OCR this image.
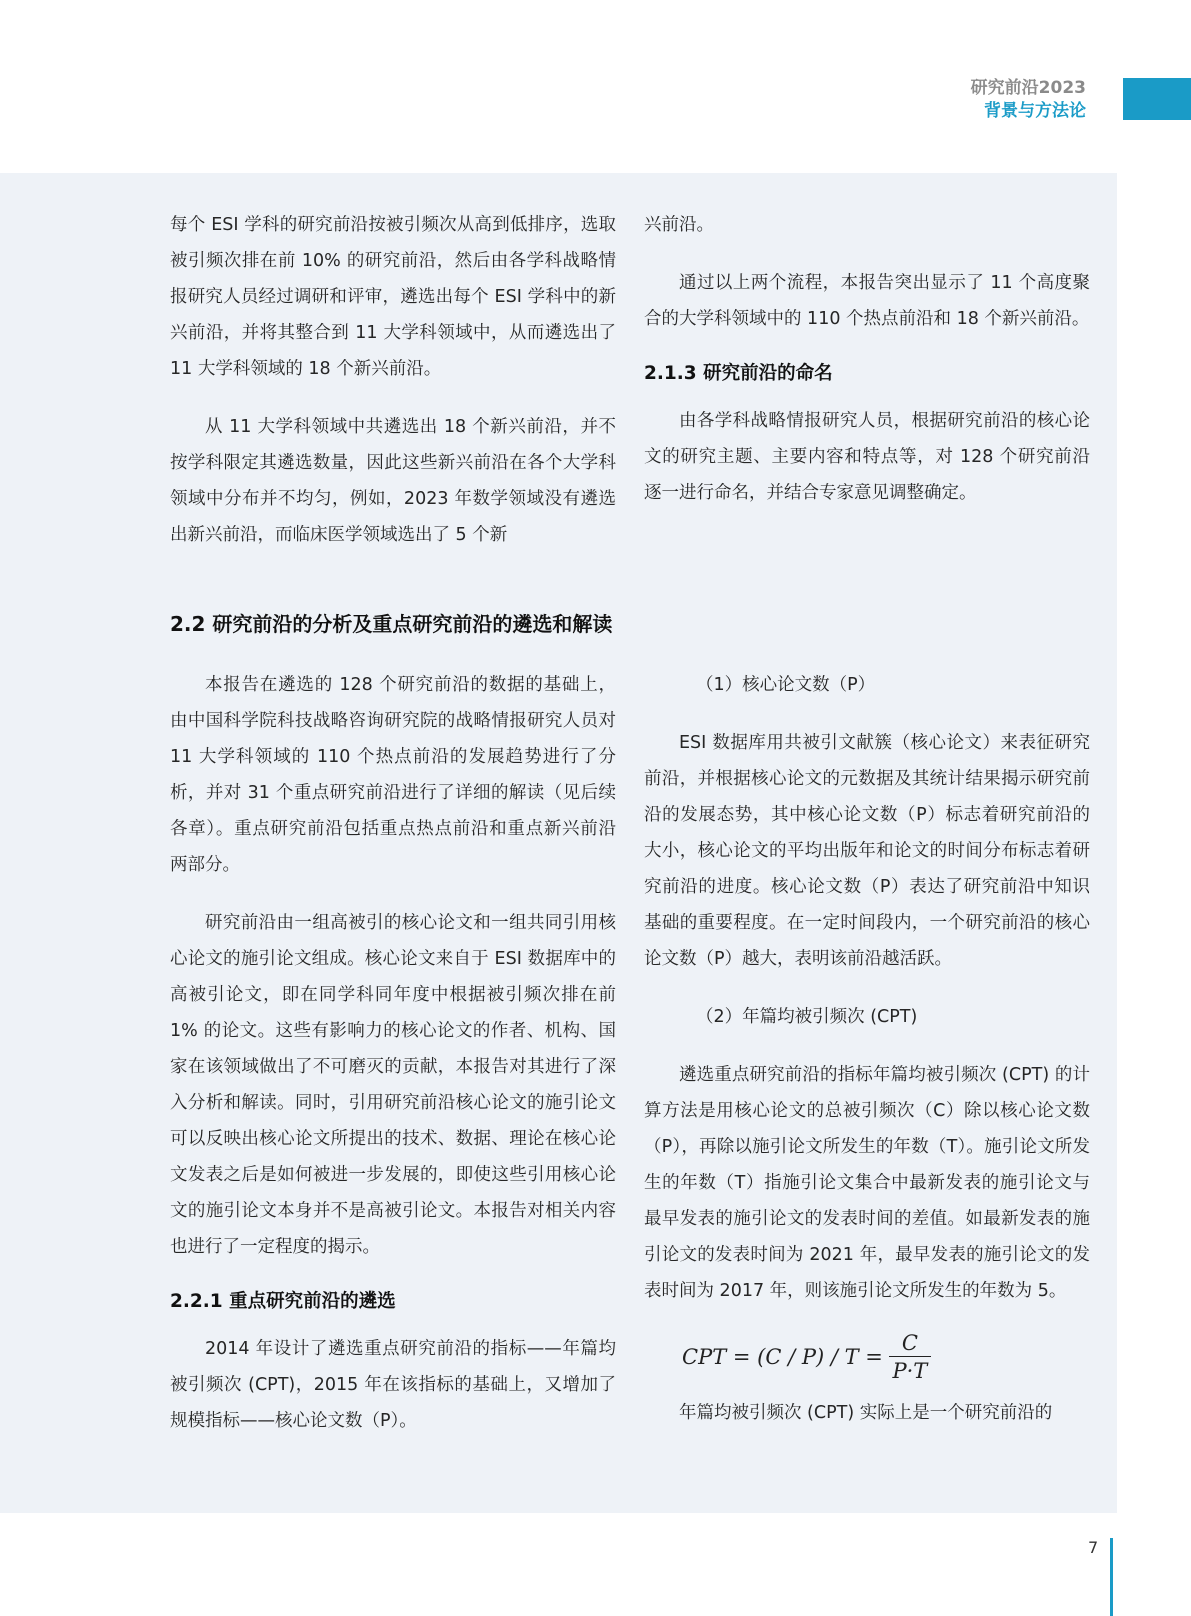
研究前沿2023
背景与方法论

每个 ESI 学科的研究前沿按被引频次从高到低排序，选取被引频次排在前 10% 的研究前沿，然后由各学科战略情报研究人员经过调研和评审，遴选出每个 ESI 学科中的新兴前沿，并将其整合到 11 大学科领域中，从而遴选出了 11 大学科领域的 18 个新兴前沿。

从 11 大学科领域中共遴选出 18 个新兴前沿，并不按学科限定其遴选数量，因此这些新兴前沿在各个大学科领域中分布并不均匀，例如，2023 年数学领域没有遴选出新兴前沿，而临床医学领域选出了 5 个新

兴前沿。

通过以上两个流程，本报告突出显示了 11 个高度聚合的大学科领域中的 110 个热点前沿和 18 个新兴前沿。

2.1.3 研究前沿的命名

由各学科战略情报研究人员，根据研究前沿的核心论文的研究主题、主要内容和特点等，对 128 个研究前沿逐一进行命名，并结合专家意见调整确定。

2.2 研究前沿的分析及重点研究前沿的遴选和解读

本报告在遴选的 128 个研究前沿的数据的基础上，由中国科学院科技战略咨询研究院的战略情报研究人员对 11 大学科领域的 110 个热点前沿的发展趋势进行了分析，并对 31 个重点研究前沿进行了详细的解读（见后续各章）。重点研究前沿包括重点热点前沿和重点新兴前沿两部分。

研究前沿由一组高被引的核心论文和一组共同引用核心论文的施引论文组成。核心论文来自于 ESI 数据库中的高被引论文，即在同学科同年度中根据被引频次排在前 1% 的论文。这些有影响力的核心论文的作者、机构、国家在该领域做出了不可磨灭的贡献，本报告对其进行了深入分析和解读。同时，引用研究前沿核心论文的施引论文可以反映出核心论文所提出的技术、数据、理论在核心论文发表之后是如何被进一步发展的，即使这些引用核心论文的施引论文本身并不是高被引论文。本报告对相关内容也进行了一定程度的揭示。

2.2.1 重点研究前沿的遴选

2014 年设计了遴选重点研究前沿的指标——年篇均被引频次 (CPT)，2015 年在该指标的基础上，又增加了规模指标——核心论文数（P）。

（1）核心论文数（P）

ESI 数据库用共被引文献簇（核心论文）来表征研究前沿，并根据核心论文的元数据及其统计结果揭示研究前沿的发展态势，其中核心论文数（P）标志着研究前沿的大小，核心论文的平均出版年和论文的时间分布标志着研究前沿的进度。核心论文数（P）表达了研究前沿中知识基础的重要程度。在一定时间段内，一个研究前沿的核心论文数（P）越大，表明该前沿越活跃。

（2）年篇均被引频次 (CPT)

遴选重点研究前沿的指标年篇均被引频次 (CPT) 的计算方法是用核心论文的总被引频次（C）除以核心论文数（P），再除以施引论文所发生的年数（T）。施引论文所发生的年数（T）指施引论文集合中最新发表的施引论文与最早发表的施引论文的发表时间的差值。如最新发表的施引论文的发表时间为 2021 年，最早发表的施引论文的发表时间为 2017 年，则该施引论文所发生的年数为 5。

CPT = $(C / P) / T = \frac{C}{P\cdot T}$

年篇均被引频次 (CPT) 实际上是一个研究前沿的

7
